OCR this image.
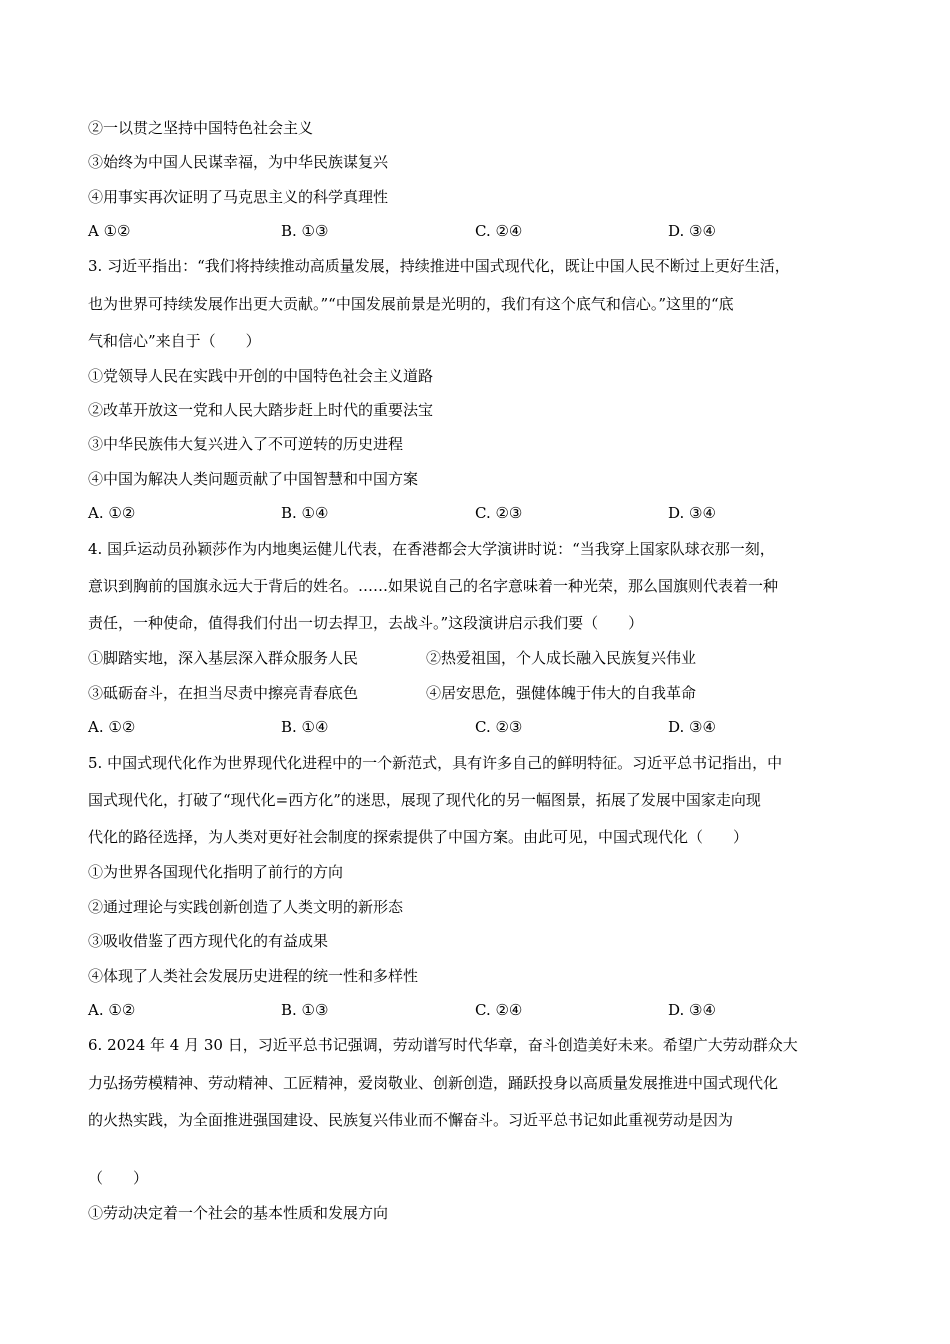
②一以贯之坚持中国特色社会主义
③始终为中国人民谋幸福，为中华民族谋复兴
④用事实再次证明了马克思主义的科学真理性
A ①②	B. ①③	C. ②④	D. ③④
3. 习近平指出：“我们将持续推动高质量发展，持续推进中国式现代化，既让中国人民不断过上更好生活，
也为世界可持续发展作出更大贡献。”“中国发展前景是光明的，我们有这个底气和信心。”这里的“底
气和信心”来自于（　　）
①党领导人民在实践中开创的中国特色社会主义道路
②改革开放这一党和人民大踏步赶上时代的重要法宝
③中华民族伟大复兴进入了不可逆转的历史进程
④中国为解决人类问题贡献了中国智慧和中国方案
A. ①②	B. ①④	C. ②③	D. ③④
4. 国乒运动员孙颖莎作为内地奥运健儿代表，在香港都会大学演讲时说：“当我穿上国家队球衣那一刻，
意识到胸前的国旗永远大于背后的姓名。……如果说自己的名字意味着一种光荣，那么国旗则代表着一种
责任，一种使命，值得我们付出一切去捍卫，去战斗。”这段演讲启示我们要（　　）
①脚踏实地，深入基层深入群众服务人民	②热爱祖国，个人成长融入民族复兴伟业
③砥砺奋斗，在担当尽责中擦亮青春底色	④居安思危，强健体魄于伟大的自我革命
A. ①②	B. ①④	C. ②③	D. ③④
5. 中国式现代化作为世界现代化进程中的一个新范式，具有许多自己的鲜明特征。习近平总书记指出，中
国式现代化，打破了“现代化=西方化”的迷思，展现了现代化的另一幅图景，拓展了发展中国家走向现
代化的路径选择，为人类对更好社会制度的探索提供了中国方案。由此可见，中国式现代化（　　）
①为世界各国现代化指明了前行的方向
②通过理论与实践创新创造了人类文明的新形态
③吸收借鉴了西方现代化的有益成果
④体现了人类社会发展历史进程的统一性和多样性
A. ①②	B. ①③	C. ②④	D. ③④
6. 2024 年 4 月 30 日，习近平总书记强调，劳动谱写时代华章，奋斗创造美好未来。希望广大劳动群众大
力弘扬劳模精神、劳动精神、工匠精神，爱岗敬业、创新创造，踊跃投身以高质量发展推进中国式现代化
的火热实践，为全面推进强国建设、民族复兴伟业而不懈奋斗。习近平总书记如此重视劳动是因为
（　　）
①劳动决定着一个社会的基本性质和发展方向
